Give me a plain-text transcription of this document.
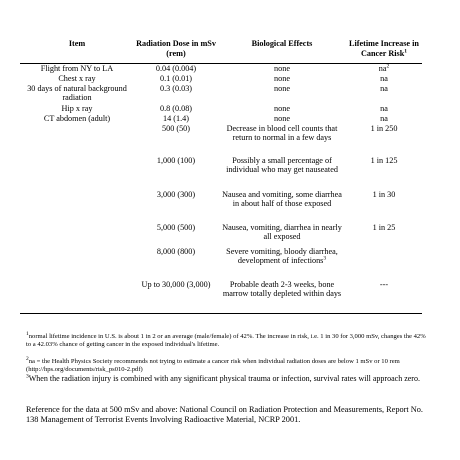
Item	Radiation Dose in mSv (rem)	Biological Effects	Lifetime Increase in Cancer Risk$^1$

Flight from NY to LA	0.04 (0.004)	none	$na^2$
Chest x ray	0.1 (0.01)	none	na
30 days of natural background radiation	0.3 (0.03)	none	na
Hip x ray	0.8 (0.08)	none	na
CT abdomen (adult)	14 (1.4)	none	na
	500 (50)	Decrease in blood cell counts that return to normal in a few days	1 in 250
	1,000 (100)	Possibly a small percentage of individual who may get nauseated	1 in 125
	3,000 (300)	Nausea and vomiting, some diarrhea in about half of those exposed	1 in 30
	5,000 (500)	Nausea, vomiting, diarrhea in nearly all exposed	1 in 25
	8,000 (800)	Severe vomiting, bloody diarrhea, development of infections$^3$	
	Up to 30,000 (3,000)	Probable death 2-3 weeks, bone marrow totally depleted within days	---

$^1$normal lifetime incidence in U.S. is about 1 in 2 or an average (male/female) of 42%. The increase in risk, i.e. 1 in 30 for 3,000 mSv, changes the 42% to a 42.03% chance of getting cancer in the exposed individual's lifetime.
$^2$na = the Health Physics Society recommends not trying to estimate a cancer risk when individual radiation doses are below 1 mSv or 10 rem (http://hps.org/documents/risk_ps010-2.pdf)
$^3$When the radiation injury is combined with any significant physical trauma or infection, survival rates will approach zero.
Reference for the data at 500 mSv and above: National Council on Radiation Protection and Measurements, Report No. 138 Management of Terrorist Events Involving Radioactive Material, NCRP 2001.
